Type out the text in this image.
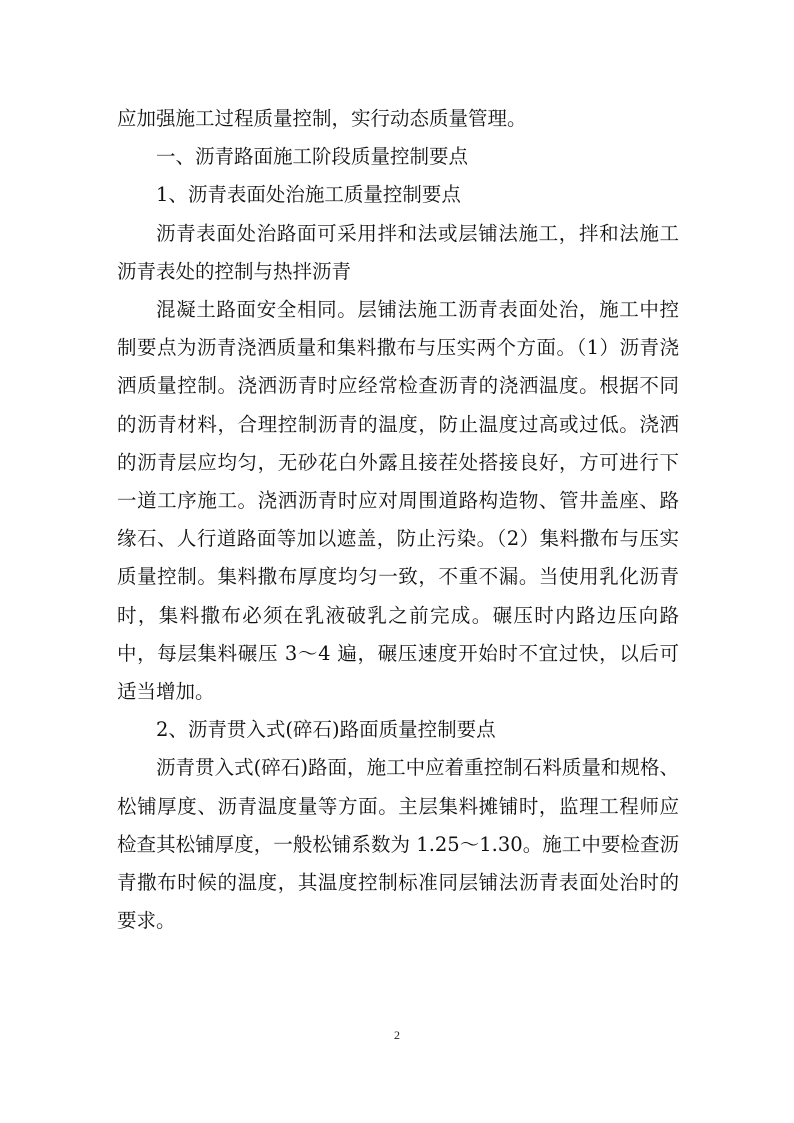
应加强施工过程质量控制，实行动态质量管理。

一、沥青路面施工阶段质量控制要点

1、沥青表面处治施工质量控制要点

沥青表面处治路面可采用拌和法或层铺法施工，拌和法施工沥青表处的控制与热拌沥青

混凝土路面安全相同。层铺法施工沥青表面处治，施工中控制要点为沥青浇洒质量和集料撒布与压实两个方面。（1）沥青浇洒质量控制。浇洒沥青时应经常检查沥青的浇洒温度。根据不同的沥青材料，合理控制沥青的温度，防止温度过高或过低。浇洒的沥青层应均匀，无砂花白外露且接茬处搭接良好，方可进行下一道工序施工。浇洒沥青时应对周围道路构造物、管井盖座、路缘石、人行道路面等加以遮盖，防止污染。（2）集料撒布与压实质量控制。集料撒布厚度均匀一致，不重不漏。当使用乳化沥青时，集料撒布必须在乳液破乳之前完成。碾压时内路边压向路中，每层集料碾压 3～4 遍，碾压速度开始时不宜过快，以后可适当增加。

2、沥青贯入式(碎石)路面质量控制要点

沥青贯入式(碎石)路面，施工中应着重控制石料质量和规格、松铺厚度、沥青温度量等方面。主层集料摊铺时，监理工程师应检查其松铺厚度，一般松铺系数为 1.25～1.30。施工中要检查沥青撒布时候的温度，其温度控制标准同层铺法沥青表面处治时的要求。

2
